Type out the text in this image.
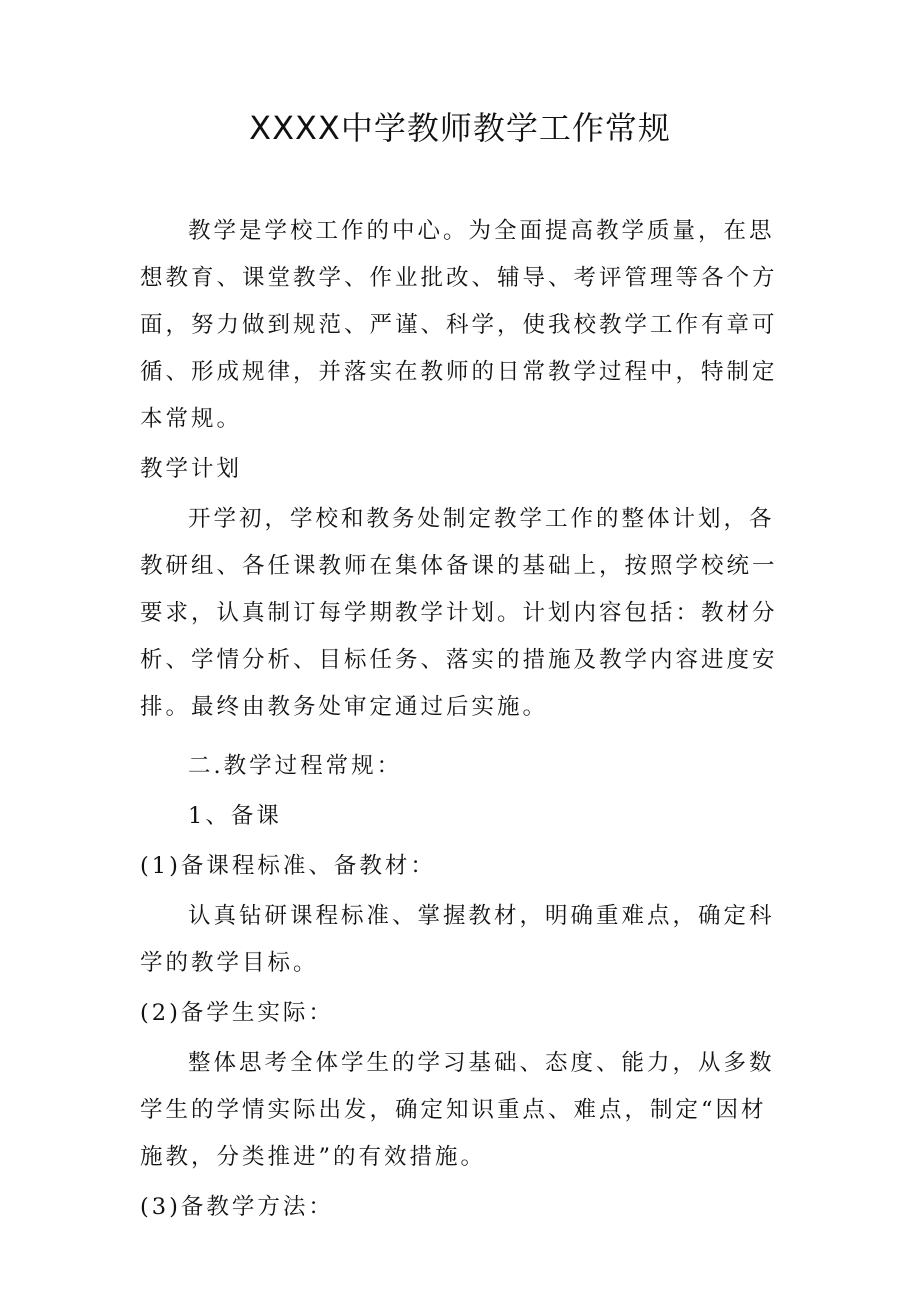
XXXX中学教师教学工作常规

教学是学校工作的中心。为全面提高教学质量，在思想教育、课堂教学、作业批改、辅导、考评管理等各个方面，努力做到规范、严谨、科学，使我校教学工作有章可循、形成规律，并落实在教师的日常教学过程中，特制定本常规。

教学计划

开学初，学校和教务处制定教学工作的整体计划，各教研组、各任课教师在集体备课的基础上，按照学校统一要求，认真制订每学期教学计划。计划内容包括：教材分析、学情分析、目标任务、落实的措施及教学内容进度安排。最终由教务处审定通过后实施。

二.教学过程常规：

1、备课

(1)备课程标准、备教材：

认真钻研课程标准、掌握教材，明确重难点，确定科学的教学目标。

(2)备学生实际：

整体思考全体学生的学习基础、态度、能力，从多数学生的学情实际出发，确定知识重点、难点，制定“因材施教，分类推进”的有效措施。

(3)备教学方法：
